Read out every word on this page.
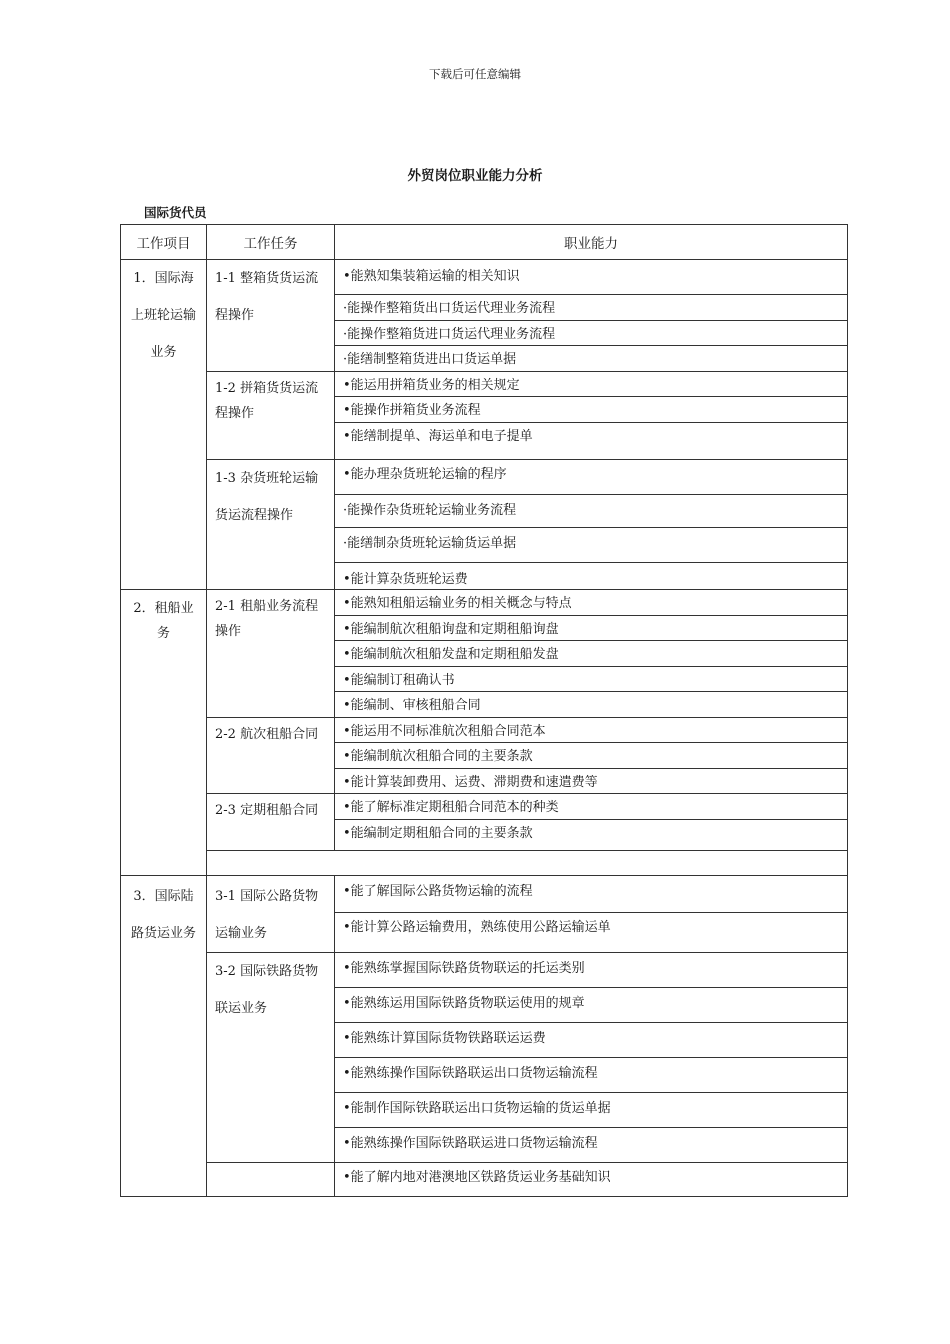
下载后可任意编辑
外贸岗位职业能力分析
国际货代员
工作项目	工作任务	职业能力

1．国际海上班轮运输业务	1-1 整箱货货运流程操作	•能熟知集装箱运输的相关知识
		·能操作整箱货出口货运代理业务流程
		·能操作整箱货进口货运代理业务流程
		·能缮制整箱货进出口货运单据

	1-2 拼箱货货运流程操作	•能运用拼箱货业务的相关规定
		•能操作拼箱货业务流程
		•能缮制提单、海运单和电子提单

	1-3 杂货班轮运输货运流程操作	•能办理杂货班轮运输的程序
		·能操作杂货班轮运输业务流程
		·能缮制杂货班轮运输货运单据
		•能计算杂货班轮运费

2．租船业务	2-1 租船业务流程操作	•能熟知租船运输业务的相关概念与特点
		•能编制航次租船询盘和定期租船询盘
		•能编制航次租船发盘和定期租船发盘
		•能编制订租确认书
		•能编制、审核租船合同

	2-2 航次租船合同	•能运用不同标准航次租船合同范本
		•能编制航次租船合同的主要条款
		•能计算装卸费用、运费、滞期费和速遣费等

	2-3 定期租船合同	•能了解标准定期租船合同范本的种类
		•能编制定期租船合同的主要条款

3．国际陆路货运业务	3-1 国际公路货物运输业务	•能了解国际公路货物运输的流程
		•能计算公路运输费用，熟练使用公路运输运单

	3-2 国际铁路货物联运业务	•能熟练掌握国际铁路货物联运的托运类别
		•能熟练运用国际铁路货物联运使用的规章
		•能熟练计算国际货物铁路联运运费
		•能熟练操作国际铁路联运出口货物运输流程
		•能制作国际铁路联运出口货物运输的货运单据
		•能熟练操作国际铁路联运进口货物运输流程

		•能了解内地对港澳地区铁路货运业务基础知识
